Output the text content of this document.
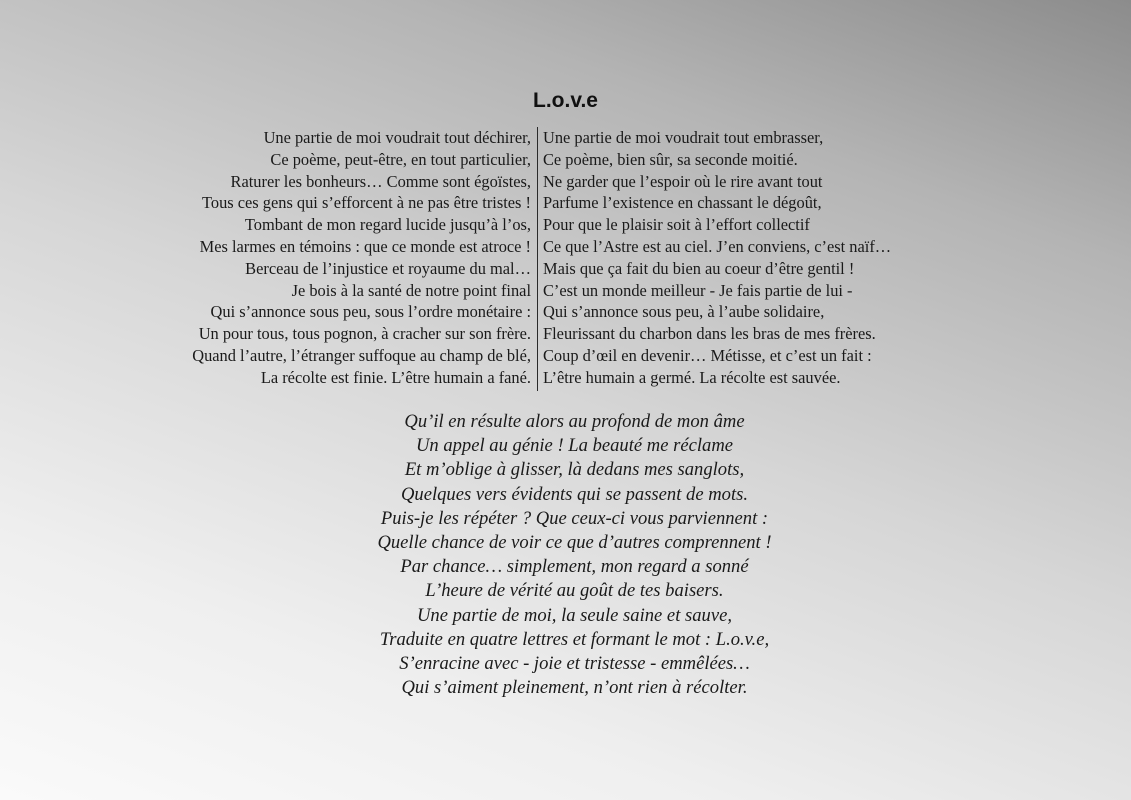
L.o.v.e
Une partie de moi voudrait tout déchirer,
Ce poème, peut-être, en tout particulier,
Raturer les bonheurs… Comme sont égoïstes,
Tous ces gens qui s’efforcent à ne pas être tristes !
Tombant de mon regard lucide jusqu’à l’os,
Mes larmes en témoins : que ce monde est atroce !
Berceau de l’injustice et royaume du mal…
Je bois à la santé de notre point final
Qui s’annonce sous peu, sous l’ordre monétaire :
Un pour tous, tous pognon, à cracher sur son frère.
Quand l’autre, l’étranger suffoque au champ de blé,
La récolte est finie. L’être humain a fané.
Une partie de moi voudrait tout embrasser,
Ce poème, bien sûr, sa seconde moitié.
Ne garder que l’espoir où le rire avant tout
Parfume l’existence en chassant le dégoût,
Pour que le plaisir soit à l’effort collectif
Ce que l’Astre est au ciel. J’en conviens, c’est naïf…
Mais que ça fait du bien au coeur d’être gentil !
C’est un monde meilleur - Je fais partie de lui -
Qui s’annonce sous peu, à l’aube solidaire,
Fleurissant du charbon dans les bras de mes frères.
Coup d’œil en devenir… Métisse, et c’est un fait :
L’être humain a germé. La récolte est sauvée.
Qu’il en résulte alors au profond de mon âme
Un appel au génie ! La beauté me réclame
Et m’oblige à glisser, là dedans mes sanglots,
Quelques vers évidents qui se passent de mots.
Puis-je les répéter ? Que ceux-ci vous parviennent :
Quelle chance de voir ce que d’autres comprennent !
Par chance… simplement, mon regard a sonné
L’heure de vérité au goût de tes baisers.
Une partie de moi, la seule saine et sauve,
Traduite en quatre lettres et formant le mot : L.o.v.e,
S’enracine avec - joie et tristesse - emmêlées…
Qui s’aiment pleinement, n’ont rien à récolter.
